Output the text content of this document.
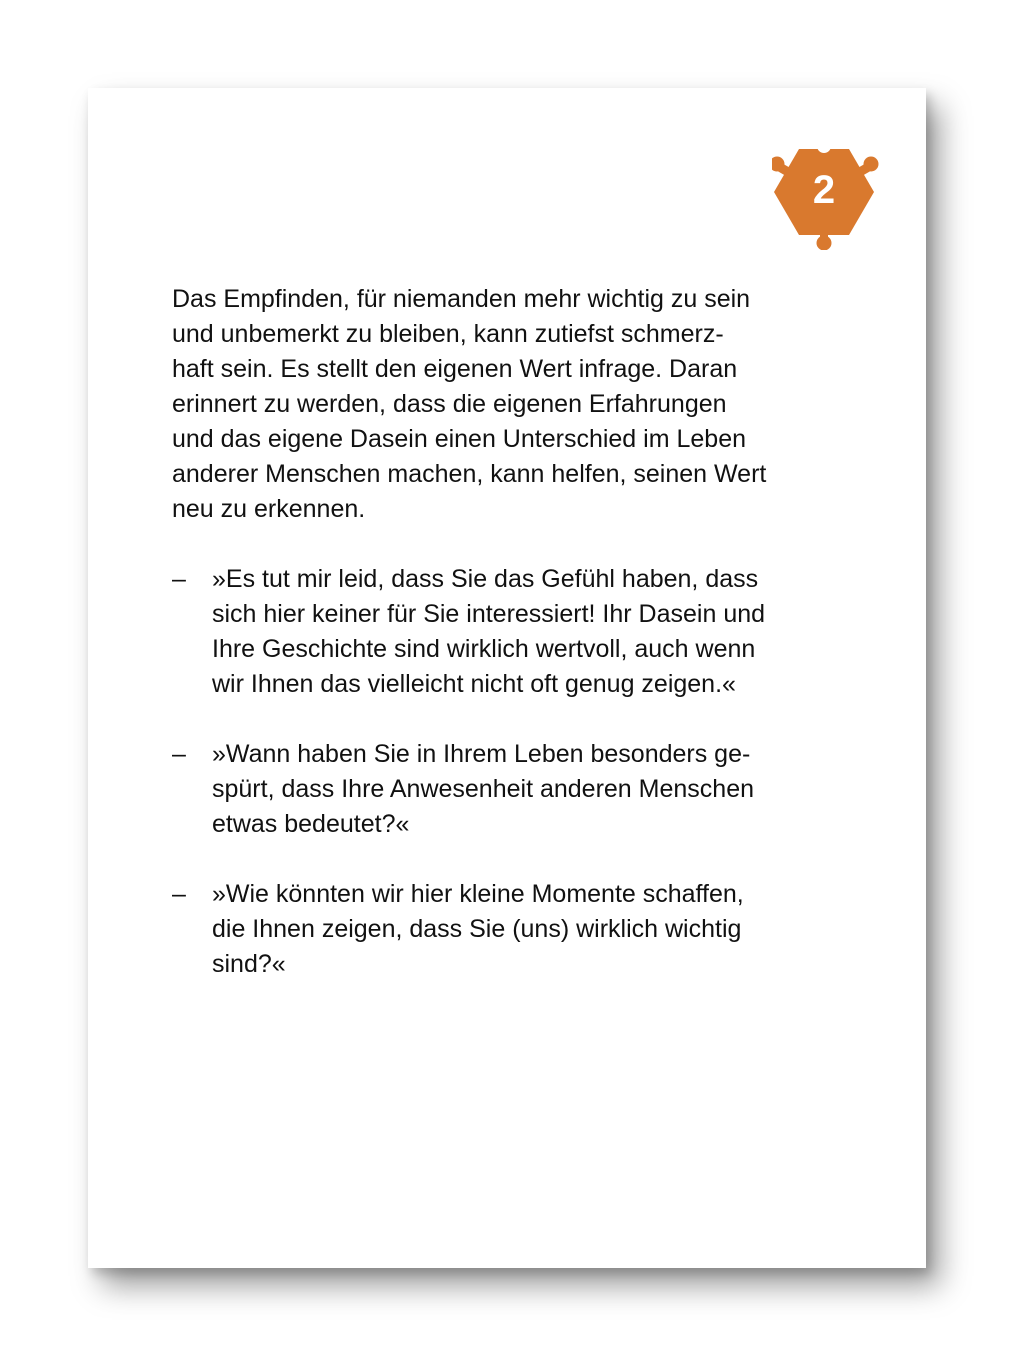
2

Das Empfinden, für niemanden mehr wichtig zu sein
und unbemerkt zu bleiben, kann zutiefst schmerz-
haft sein. Es stellt den eigenen Wert infrage. Daran
erinnert zu werden, dass die eigenen Erfahrungen
und das eigene Dasein einen Unterschied im Leben
anderer Menschen machen, kann helfen, seinen Wert
neu zu erkennen.

– »Es tut mir leid, dass Sie das Gefühl haben, dass
sich hier keiner für Sie interessiert! Ihr Dasein und
Ihre Geschichte sind wirklich wertvoll, auch wenn
wir Ihnen das vielleicht nicht oft genug zeigen.«
– »Wann haben Sie in Ihrem Leben besonders ge-
spürt, dass Ihre Anwesenheit anderen Menschen
etwas bedeutet?«
– »Wie könnten wir hier kleine Momente schaffen,
die Ihnen zeigen, dass Sie (uns) wirklich wichtig
sind?«
